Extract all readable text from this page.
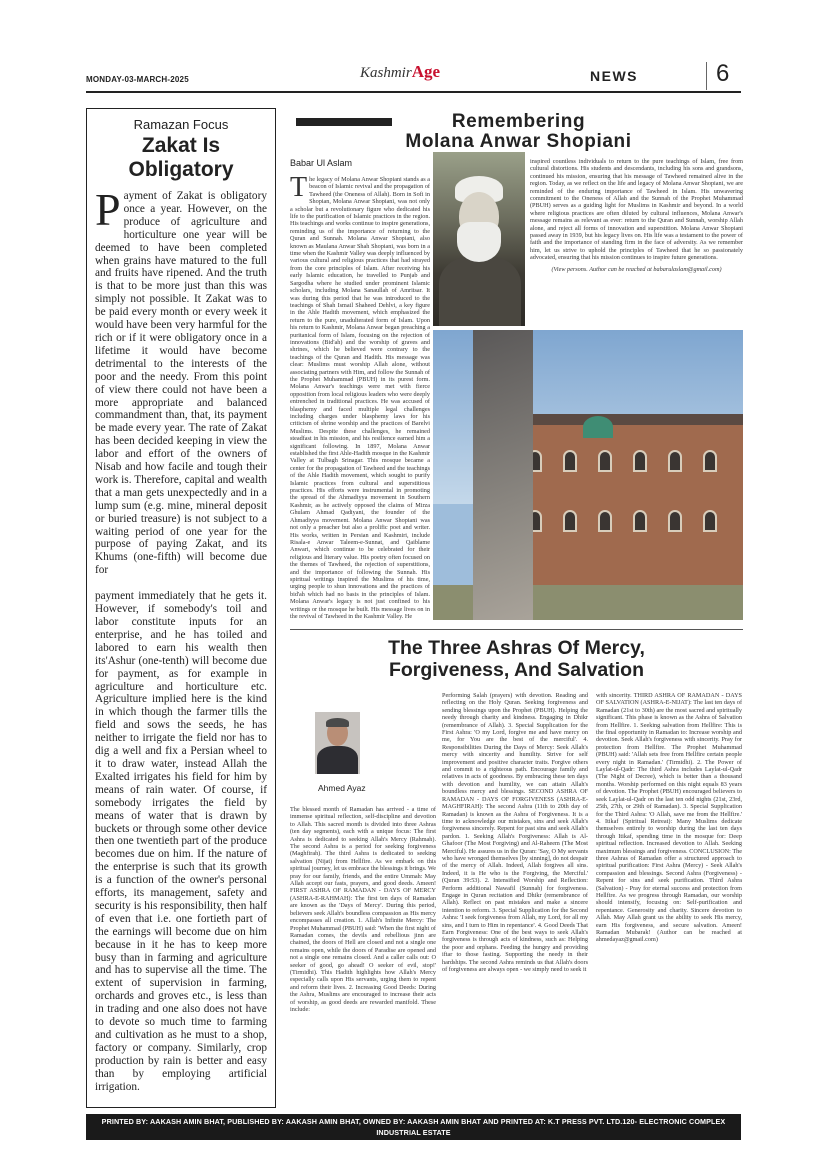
MONDAY-03-MARCH-2025	KashmirAge	NEWS	6
Ramazan Focus
Zakat Is Obligatory

Payment of Zakat is obligatory once a year. However, on the produce of agriculture and horticulture one year will be deemed to have been completed when grains have matured to the full and fruits have ripened. And the truth is that to be more just than this was simply not possible. It Zakat was to be paid every month or every week it would have been very harmful for the rich or if it were obligatory once in a lifetime it would have become detrimental to the interests of the poor and the needy. From this point of view there could not have been a more appropriate and balanced commandment than, that, its payment be made every year. The rate of Zakat has been decided keeping in view the labor and effort of the owners of Nisab and how facile and tough their work is. Therefore, capital and wealth that a man gets unexpectedly and in a lump sum (e.g. mine, mineral deposit or buried treasure) is not subject to a waiting period of one year for the purpose of paying Zakat, and its Khums (one-fifth) will become due for

payment immediately that he gets it. However, if somebody's toil and labor constitute inputs for an enterprise, and he has toiled and labored to earn his wealth then its'Ashur (one-tenth) will become due for payment, as for example in agriculture and horticulture etc. Agriculture implied here is the kind in which though the farmer tills the field and sows the seeds, he has neither to irrigate the field nor has to dig a well and fix a Persian wheel to it to draw water, instead Allah the Exalted irrigates his field for him by means of rain water. Of course, if somebody irrigates the field by means of water that is drawn by buckets or through some other device then one twentieth part of the produce becomes due on him. If the nature of the enterprise is such that its growth is a function of the owner's personal efforts, its management, safety and security is his responsibility, then half of even that i.e. one fortieth part of the earnings will become due on him because in it he has to keep more busy than in farming and agriculture and has to supervise all the time. The extent of supervision in farming, orchards and groves etc., is less than in trading and one also does not have to devote so much time to farming and cultivation as he must to a shop, factory or company. Similarly, crop production by rain is better and easy than by employing artificial irrigation.

Remembering
Molana Anwar Shopiani
Babar Ul Aslam
The legacy of Molana Anwar Shopiani stands as a beacon of Islamic revival and the propagation of Tawheed (the Oneness of Allah). Born in Sofi in Shopian, Molana Anwar Shopiani, was not only a scholar but a revolutionary figure who dedicated his life to the purification of Islamic practices in the region. His teachings and works continue to inspire generations, reminding us of the importance of returning to the Quran and Sunnah. Molana Anwar Shopiani, also known as Maulana Anwar Shah Shopiani, was born in a time when the Kashmir Valley was deeply influenced by various cultural and religious practices that had strayed from the core principles of Islam. After receiving his early Islamic education, he travelled to Punjab and Sargodha where he studied under prominent Islamic scholars, including Molana Sanaullah of Amritsar. It was during this period that he was introduced to the teachings of Shah Ismail Shaheed Dehlvi, a key figure in the Ahle Hadith movement, which emphasized the return to the pure, unadulterated form of Islam. Upon his return to Kashmir, Molana Anwar began preaching a puritanical form of Islam, focusing on the rejection of innovations (Bid'ah) and the worship of graves and shrines, which he believed were contrary to the teachings of the Quran and Hadith. His message was clear: Muslims must worship Allah alone, without associating partners with Him, and follow the Sunnah of the Prophet Muhammad (PBUH) in its purest form. Molana Anwar's teachings were met with fierce opposition from local religious leaders who were deeply entrenched in traditional practices. He was accused of blasphemy and faced multiple legal challenges including charges under blasphemy laws for his criticism of shrine worship and the practices of Barelvi Muslims. Despite these challenges, he remained steadfast in his mission, and his resilience earned him a significant following. In 1897, Molana Anwar established the first Ahle-Hadith mosque in the Kashmir Valley at Tulbagh Srinagar. This mosque became a center for the propagation of Tawheed and the teachings of the Ahle Hadith movement, which sought to purify Islamic practices from cultural and superstitious practices. His efforts were instrumental in promoting the spread of the Ahmadiyya movement in Southern Kashmir, as he actively opposed the claims of Mirza Ghulam Ahmad Qadiyani, the founder of the Ahmadiyya movement. Molana Anwar Shopiani was not only a preacher but also a prolific poet and writer. His works, written in Persian and Kashmiri, include Risala-e Anwar Taleem-e-Sunnat, and Qaiblame Anwari, which continue to be celebrated for their religious and literary value. His poetry often focused on the themes of Tawheed, the rejection of superstitions, and the importance of following the Sunnah. His spiritual writings inspired the Muslims of his time, urging people to shun innovations and the practices of bid'ah which had no basis in the principles of Islam. Molana Anwar's legacy is not just confined to his writings or the mosque he built. His message lives on in the revival of Tawheed in the Kashmir Valley. He
inspired countless individuals to return to the pure teachings of Islam, free from cultural distortions. His students and descendants, including his sons and grandsons, continued his mission, ensuring that his message of Tawheed remained alive in the region. Today, as we reflect on the life and legacy of Molana Anwar Shopiani, we are reminded of the enduring importance of Tawheed in Islam. His unwavering commitment to the Oneness of Allah and the Sunnah of the Prophet Muhammad (PBUH) serves as a guiding light for Muslims in Kashmir and beyond. In a world where religious practices are often diluted by cultural influences, Molana Anwar's message remains as relevant as ever: return to the Quran and Sunnah, worship Allah alone, and reject all forms of innovation and superstition. Molana Anwar Shopiani passed away in 1939, but his legacy lives on. His life was a testament to the power of faith and the importance of standing firm in the face of adversity. As we remember him, let us strive to uphold the principles of Tawheed that he so passionately advocated, ensuring that his mission continues to inspire future generations.
(View persons. Author can be reached at babarulaslam@gmail.com)
The Three Ashras Of Mercy,
Forgiveness, And Salvation
Ahmed Ayaz
The blessed month of Ramadan has arrived - a time of immense spiritual reflection, self-discipline and devotion to Allah. This sacred month is divided into three Ashras (ten day segments), each with a unique focus: The first Ashra is dedicated to seeking Allah's Mercy (Rahmah). The second Ashra is a period for seeking forgiveness (Maghfirah). The third Ashra is dedicated to seeking salvation (Nijat) from Hellfire. As we embark on this spiritual journey, let us embrace the blessings it brings. We pray for our family, friends, and the entire Ummah: May Allah accept our fasts, prayers, and good deeds. Ameen! FIRST ASHRA OF RAMADAN - DAYS OF MERCY (ASHRA-E-RAHMAH): The first ten days of Ramadan are known as the 'Days of Mercy'. During this period, believers seek Allah's boundless compassion as His mercy encompasses all creation. 1. Allah's Infinite Mercy: The Prophet Muhammad (PBUH) said: 'When the first night of Ramadan comes, the devils and rebellious jinn are chained, the doors of Hell are closed and not a single one remains open, while the doors of Paradise are opened and not a single one remains closed. And a caller calls out: O seeker of good, go ahead! O seeker of evil, stop!' (Tirmidhi). This Hadith highlights how Allah's Mercy especially calls upon His servants, urging them to repent and reform their lives. 2. Increasing Good Deeds: During the Ashra, Muslims are encouraged to increase their acts of worship, as good deeds are rewarded manifold. These include:
Performing Salah (prayers) with devotion. Reading and reflecting on the Holy Quran. Seeking forgiveness and sending blessings upon the Prophet (PBUH). Helping the needy through charity and kindness. Engaging in Dhikr (remembrance of Allah). 3. Special Supplication for the First Ashra: 'O my Lord, forgive me and have mercy on me, for You are the best of the merciful'. 4. Responsibilities During the Days of Mercy: Seek Allah's mercy with sincerity and humility. Strive for self improvement and positive character traits. Forgive others and commit to a righteous path. Encourage family and relatives in acts of goodness. By embracing these ten days with devotion and humility, we can attain Allah's boundless mercy and blessings. SECOND ASHRA OF RAMADAN - DAYS OF FORGIVENESS (ASHRA-E-MAGHFIRAH): The second Ashra (11th to 20th day of Ramadan) is known as the Ashra of Forgiveness. It is a time to acknowledge our mistakes, sins and seek Allah's forgiveness sincerely. Repent for past sins and seek Allah's pardon. 1. Seeking Allah's Forgiveness: Allah is Al-Ghafoor (The Most Forgiving) and Al-Raheem (The Most Merciful). He assures us in the Quran: 'Say, O My servants who have wronged themselves [by sinning], do not despair of the mercy of Allah. Indeed, Allah forgives all sins. Indeed, it is He who is the Forgiving, the Merciful.' (Quran 39:53). 2. Intensified Worship and Reflection: Perform additional Nawafil (Sunnah) for forgiveness. Engage in Quran recitation and Dhikr (remembrance of Allah). Reflect on past mistakes and make a sincere intention to reform. 3. Special Supplication for the Second Ashra: 'I seek forgiveness from Allah, my Lord, for all my sins, and I turn to Him in repentance'. 4. Good Deeds That Earn Forgiveness: One of the best ways to seek Allah's forgiveness is through acts of kindness, such as: Helping the poor and orphans. Feeding the hungry and providing iftar to those fasting. Supporting the needy in their hardships. The second Ashra reminds us that Allah's doors of forgiveness are always open - we simply need to seek it
with sincerity. THIRD ASHRA OF RAMADAN - DAYS OF SALVATION (ASHRA-E-NIJAT): The last ten days of Ramadan (21st to 30th) are the most sacred and spiritually significant. This phase is known as the Ashra of Salvation from Hellfire. 1. Seeking salvation from Hellfire: This is the final opportunity in Ramadan to: Increase worship and devotion. Seek Allah's forgiveness with sincerity. Pray for protection from Hellfire. The Prophet Muhammad (PBUH) said: 'Allah sets free from Hellfire certain people every night in Ramadan.' (Tirmidhi). 2. The Power of Laylat-ul-Qadr: The third Ashra includes Laylat-ul-Qadr (The Night of Decree), which is better than a thousand months. Worship performed on this night equals 83 years of devotion. The Prophet (PBUH) encouraged believers to seek Laylat-ul-Qadr on the last ten odd nights (21st, 23rd, 25th, 27th, or 29th of Ramadan). 3. Special Supplication for the Third Ashra: 'O Allah, save me from the Hellfire.' 4. Itikaf (Spiritual Retreat): Many Muslims dedicate themselves entirely to worship during the last ten days through Itikaf, spending time in the mosque for: Deep spiritual reflection. Increased devotion to Allah. Seeking maximum blessings and forgiveness. CONCLUSION: The three Ashras of Ramadan offer a structured approach to spiritual purification: First Ashra (Mercy) - Seek Allah's compassion and blessings. Second Ashra (Forgiveness) - Repent for sins and seek purification. Third Ashra (Salvation) - Pray for eternal success and protection from Hellfire. As we progress through Ramadan, our worship should intensify, focusing on: Self-purification and repentance. Generosity and charity. Sincere devotion to Allah. May Allah grant us the ability to seek His mercy, earn His forgiveness, and secure salvation. Ameen! Ramadan Mubarak! (Author can be reached at ahmedayaz@gmail.com)
PRINTED BY: AAKASH AMIN BHAT, PUBLISHED BY: AAKASH AMIN BHAT, OWNED BY: AAKASH AMIN BHAT AND PRINTED AT: K.T PRESS PVT. LTD.120- ELECTRONIC COMPLEX INDUSTRIAL ESTATE
RANGRETH BUDGAM, J&K. AND PUBLISHED AT: MEDIA ENCLAVE RESIDENCY ROAD SGR. 190001 J&K. EDITOR: AAKASH AMIN BHAT, JKENG/2006/23952
